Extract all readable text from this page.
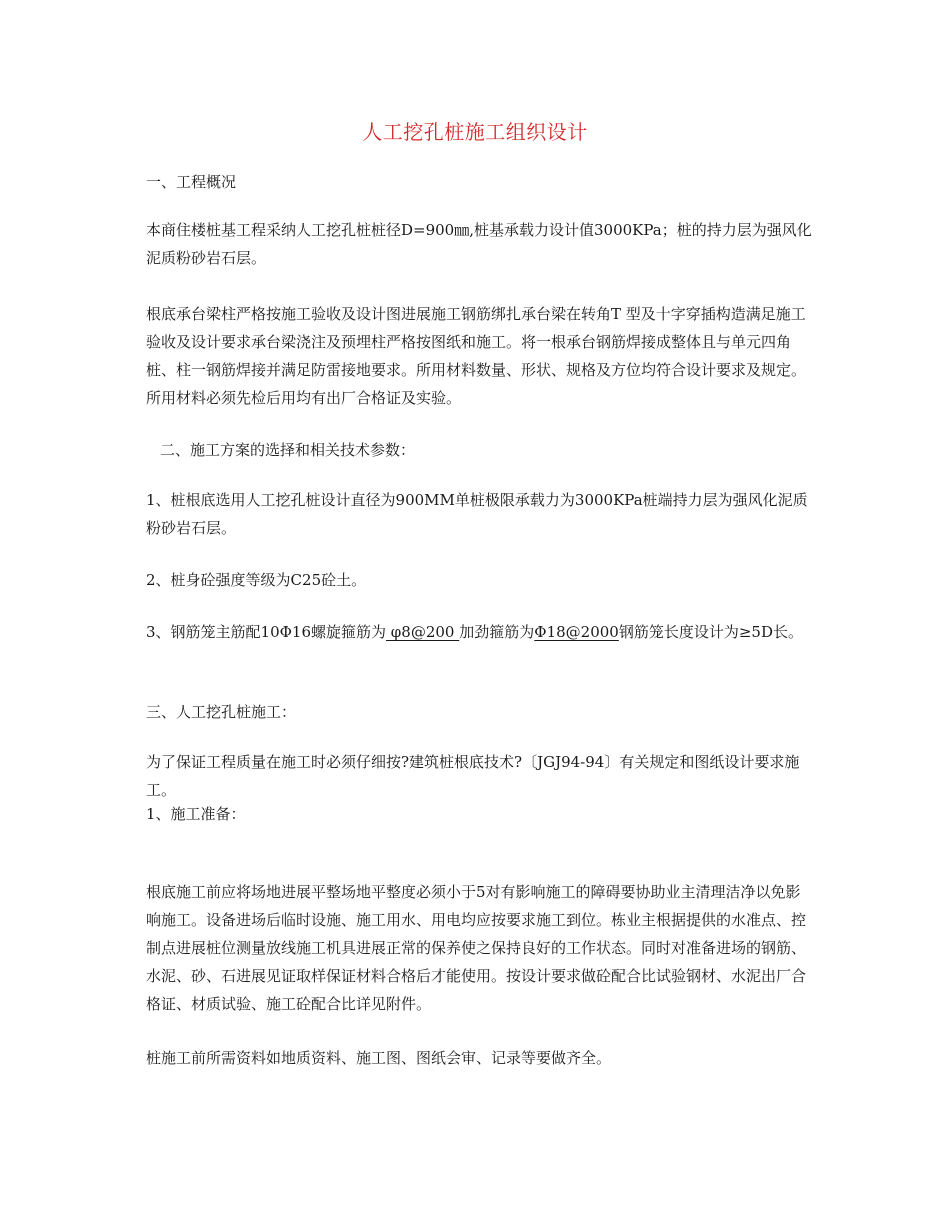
人工挖孔桩施工组织设计

一、工程概况

本商住楼桩基工程采纳人工挖孔桩桩径D=900㎜,桩基承载力设计值3000KPa；桩的持力层为强风化泥质粉砂岩石层。

根底承台梁柱严格按施工验收及设计图进展施工钢筋绑扎承台梁在转角T 型及十字穿插构造满足施工验收及设计要求承台梁浇注及预埋柱严格按图纸和施工。将一根承台钢筋焊接成整体且与单元四角桩、柱一钢筋焊接并满足防雷接地要求。所用材料数量、形状、规格及方位均符合设计要求及规定。所用材料必须先检后用均有出厂合格证及实验。

二、施工方案的选择和相关技术参数：

1、桩根底选用人工挖孔桩设计直径为900MM单桩极限承载力为3000KPa桩端持力层为强风化泥质粉砂岩石层。

2、桩身砼强度等级为C25砼土。

3、钢筋笼主筋配10Φ16螺旋箍筋为 φ8@200 加劲箍筋为Φ18@2000钢筋笼长度设计为≥5D长。

三、人工挖孔桩施工：

为了保证工程质量在施工时必须仔细按?建筑桩根底技术?〔JGJ94-94〕有关规定和图纸设计要求施工。

1、施工准备：

根底施工前应将场地进展平整场地平整度必须小于5对有影响施工的障碍要协助业主清理洁净以免影响施工。设备进场后临时设施、施工用水、用电均应按要求施工到位。栋业主根据提供的水准点、控制点进展桩位测量放线施工机具进展正常的保养使之保持良好的工作状态。同时对准备进场的钢筋、水泥、砂、石进展见证取样保证材料合格后才能使用。按设计要求做砼配合比试验钢材、水泥出厂合格证、材质试验、施工砼配合比详见附件。

桩施工前所需资料如地质资料、施工图、图纸会审、记录等要做齐全。
